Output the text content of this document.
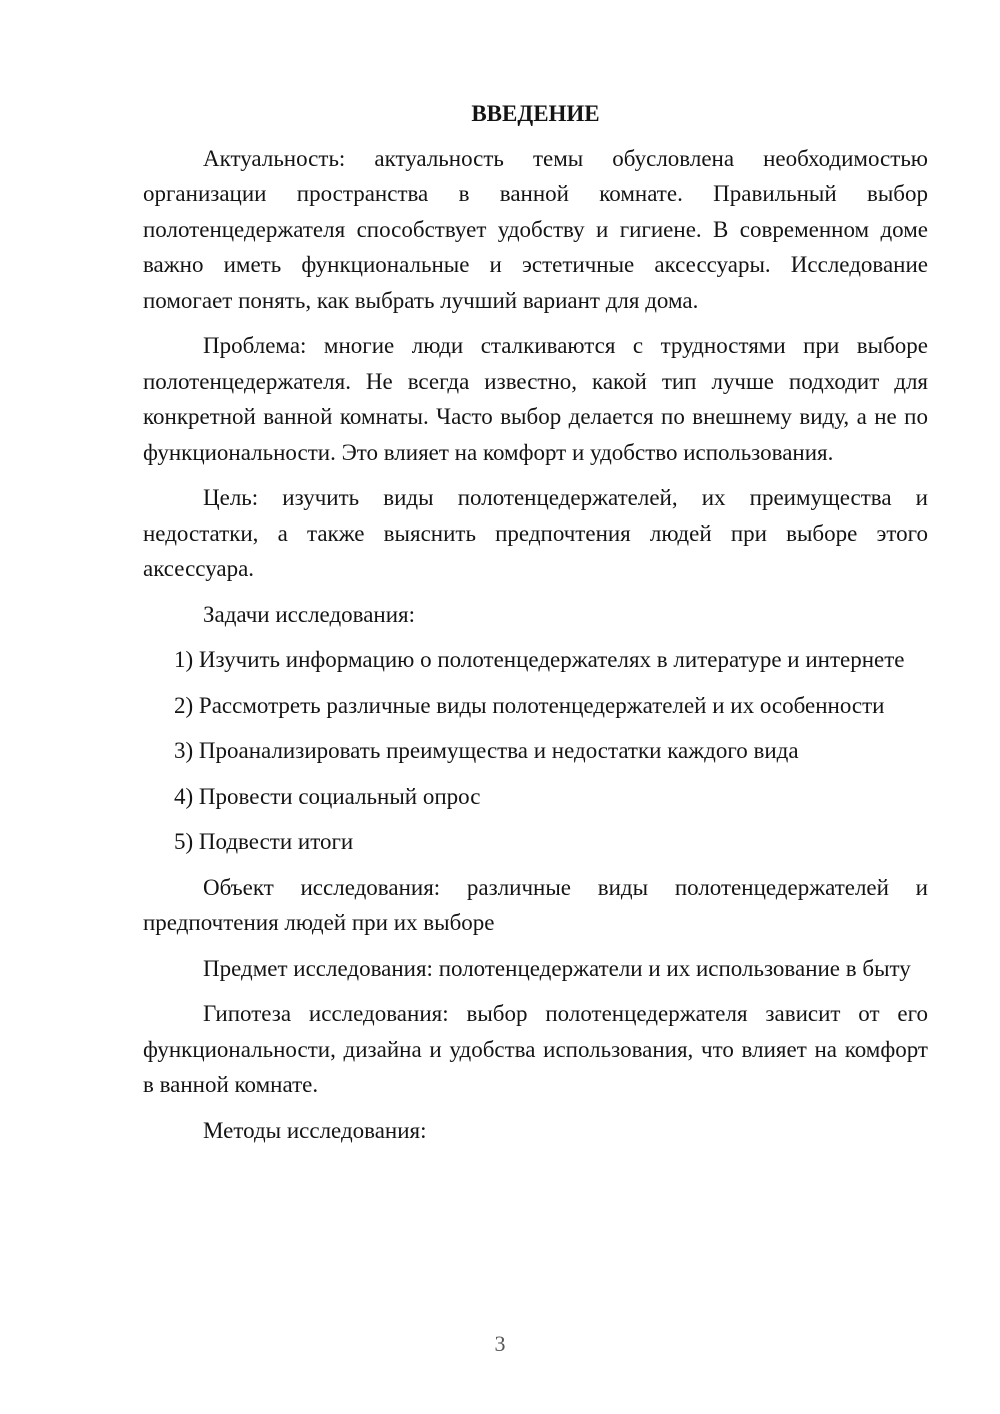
ВВЕДЕНИЕ

Актуальность: актуальность темы обусловлена необходимостью организации пространства в ванной комнате. Правильный выбор полотенцедержателя способствует удобству и гигиене. В современном доме важно иметь функциональные и эстетичные аксессуары. Исследование помогает понять, как выбрать лучший вариант для дома.

Проблема: многие люди сталкиваются с трудностями при выборе полотенцедержателя. Не всегда известно, какой тип лучше подходит для конкретной ванной комнаты. Часто выбор делается по внешнему виду, а не по функциональности. Это влияет на комфорт и удобство использования.

Цель: изучить виды полотенцедержателей, их преимущества и недостатки, а также выяснить предпочтения людей при выборе этого аксессуара.

Задачи исследования:

1) Изучить информацию о полотенцедержателях в литературе и интернете

2) Рассмотреть различные виды полотенцедержателей и их особенности

3) Проанализировать преимущества и недостатки каждого вида

4) Провести социальный опрос

5) Подвести итоги

Объект исследования: различные виды полотенцедержателей и предпочтения людей при их выборе

Предмет исследования: полотенцедержатели и их использование в быту

Гипотеза исследования: выбор полотенцедержателя зависит от его функциональности, дизайна и удобства использования, что влияет на комфорт в ванной комнате.

Методы исследования:

3
